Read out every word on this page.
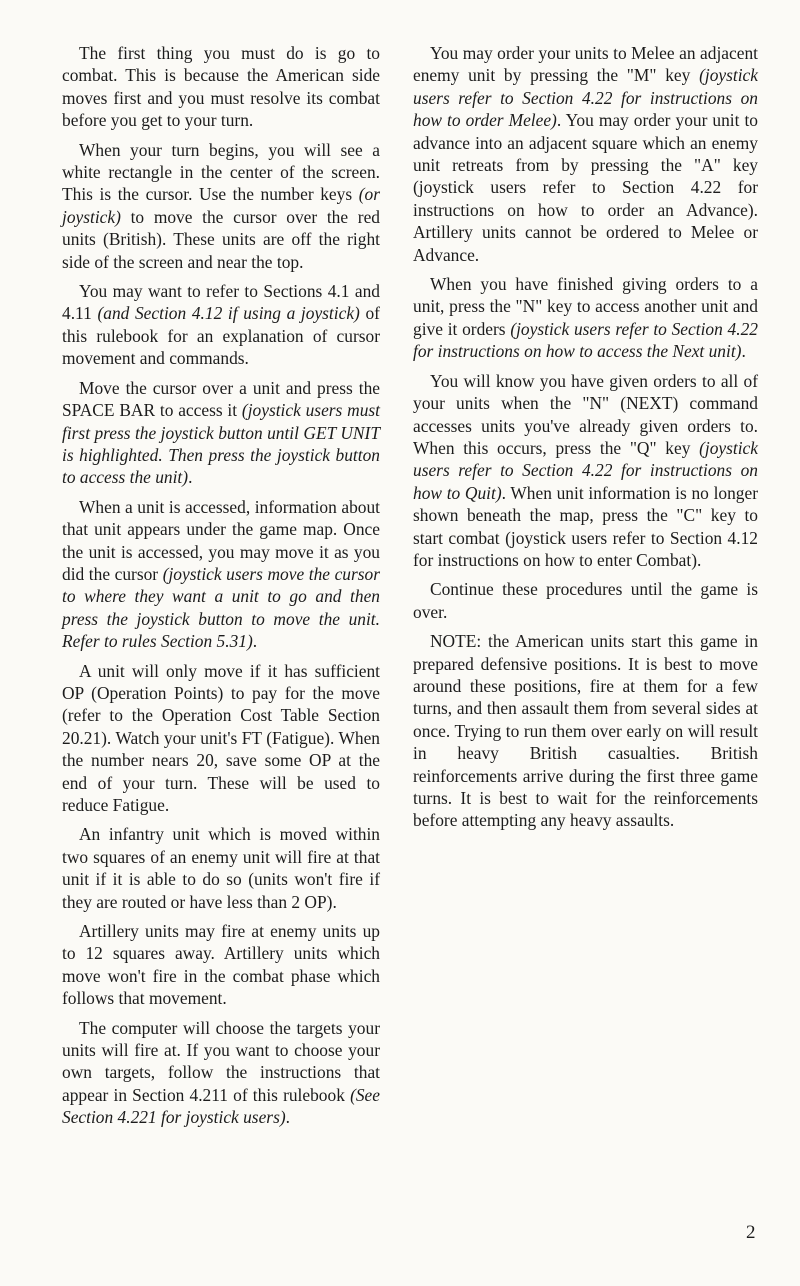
The first thing you must do is go to combat. This is because the American side moves first and you must resolve its combat before you get to your turn.

When your turn begins, you will see a white rectangle in the center of the screen. This is the cursor. Use the number keys (or joystick) to move the cursor over the red units (British). These units are off the right side of the screen and near the top.

You may want to refer to Sections 4.1 and 4.11 (and Section 4.12 if using a joystick) of this rulebook for an explanation of cursor movement and commands.

Move the cursor over a unit and press the SPACE BAR to access it (joystick users must first press the joystick button until GET UNIT is highlighted. Then press the joystick button to access the unit).

When a unit is accessed, information about that unit appears under the game map. Once the unit is accessed, you may move it as you did the cursor (joystick users move the cursor to where they want a unit to go and then press the joystick button to move the unit. Refer to rules Section 5.31).

A unit will only move if it has sufficient OP (Operation Points) to pay for the move (refer to the Operation Cost Table Section 20.21). Watch your unit's FT (Fatigue). When the number nears 20, save some OP at the end of your turn. These will be used to reduce Fatigue.

An infantry unit which is moved within two squares of an enemy unit will fire at that unit if it is able to do so (units won't fire if they are routed or have less than 2 OP).

Artillery units may fire at enemy units up to 12 squares away. Artillery units which move won't fire in the combat phase which follows that movement.

The computer will choose the targets your units will fire at. If you want to choose your own targets, follow the instructions that appear in Section 4.211 of this rulebook (See Section 4.221 for joystick users).

You may order your units to Melee an adjacent enemy unit by pressing the "M" key (joystick users refer to Section 4.22 for instructions on how to order Melee). You may order your unit to advance into an adjacent square which an enemy unit retreats from by pressing the "A" key (joystick users refer to Section 4.22 for instructions on how to order an Advance). Artillery units cannot be ordered to Melee or Advance.

When you have finished giving orders to a unit, press the "N" key to access another unit and give it orders (joystick users refer to Section 4.22 for instructions on how to access the Next unit).

You will know you have given orders to all of your units when the "N" (NEXT) command accesses units you've already given orders to. When this occurs, press the "Q" key (joystick users refer to Section 4.22 for instructions on how to Quit). When unit information is no longer shown beneath the map, press the "C" key to start combat (joystick users refer to Section 4.12 for instructions on how to enter Combat).

Continue these procedures until the game is over.

NOTE: the American units start this game in prepared defensive positions. It is best to move around these positions, fire at them for a few turns, and then assault them from several sides at once. Trying to run them over early on will result in heavy British casualties. British reinforcements arrive during the first three game turns. It is best to wait for the reinforcements before attempting any heavy assaults.

2
